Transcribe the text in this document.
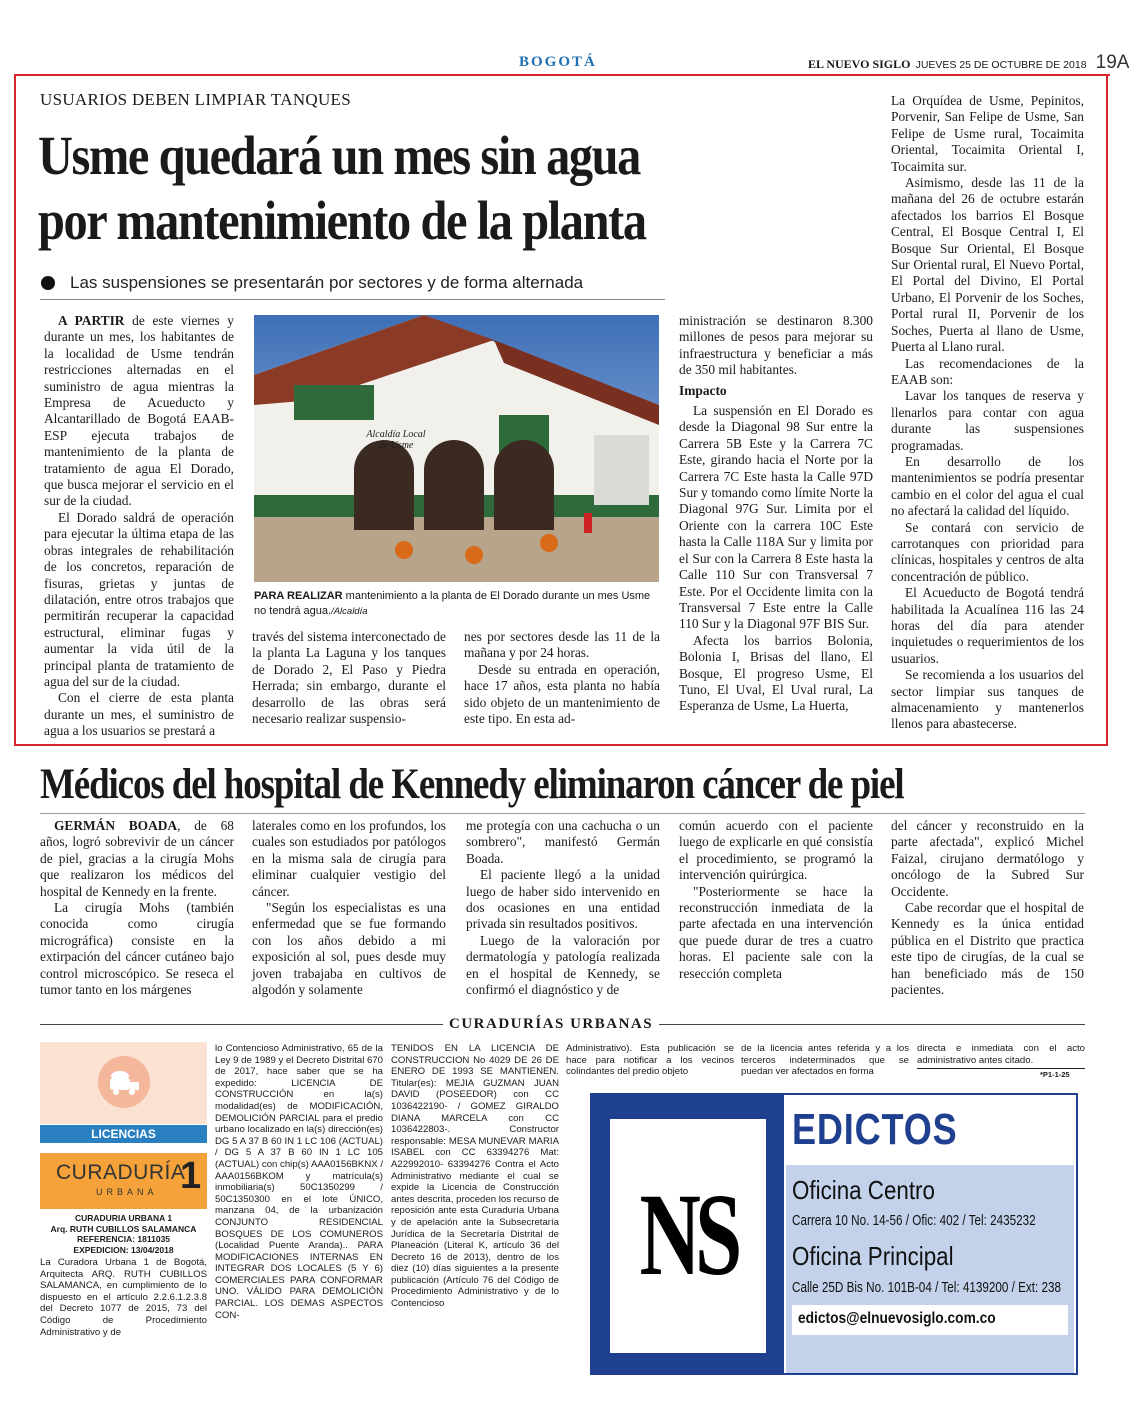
BOGOTÁ	EL NUEVO SIGLO JUEVES 25 DE OCTUBRE DE 2018 19A
USUARIOS DEBEN LIMPIAR TANQUES
Usme quedará un mes sin agua
por mantenimiento de la planta
Las suspensiones se presentarán por sectores y de forma alternada

A PARTIR de este viernes y durante un mes, los habitantes de la localidad de Usme tendrán restricciones alternadas en el suministro de agua mientras la Empresa de Acueducto y Alcantarillado de Bogotá EAAB-ESP ejecuta trabajos de mantenimiento de la planta de tratamiento de agua El Dorado, que busca mejorar el servicio en el sur de la ciudad.

El Dorado saldrá de operación para ejecutar la última etapa de las obras integrales de rehabilitación de los concretos, reparación de fisuras, grietas y juntas de dilatación, entre otros trabajos que permitirán recuperar la capacidad estructural, eliminar fugas y aumentar la vida útil de la principal planta de tratamiento de agua del sur de la ciudad.

Con el cierre de esta planta durante un mes, el suministro de agua a los usuarios se prestará a

Alcaldía Local de Usme
PARA REALIZAR mantenimiento a la planta de El Dorado durante un mes Usme no tendrá agua./Alcaldía

través del sistema interconectado de la planta La Laguna y los tanques de Dorado 2, El Paso y Piedra Herrada; sin embargo, durante el desarrollo de las obras será necesario realizar suspensio-

nes por sectores desde las 11 de la mañana y por 24 horas.

Desde su entrada en operación, hace 17 años, esta planta no había sido objeto de un mantenimiento de este tipo. En esta ad-

ministración se destinaron 8.300 millones de pesos para mejorar su infraestructura y beneficiar a más de 350 mil habitantes.

Impacto

La suspensión en El Dorado es desde la Diagonal 98 Sur entre la Carrera 5B Este y la Carrera 7C Este, girando hacia el Norte por la Carrera 7C Este hasta la Calle 97D Sur y tomando como límite Norte la Diagonal 97G Sur. Limita por el Oriente con la carrera 10C Este hasta la Calle 118A Sur y limita por el Sur con la Carrera 8 Este hasta la Calle 110 Sur con Transversal 7 Este. Por el Occidente limita con la Transversal 7 Este entre la Calle 110 Sur y la Diagonal 97F BIS Sur.

Afecta los barrios Bolonia, Bolonia I, Brisas del llano, El Bosque, El progreso Usme, El Tuno, El Uval, El Uval rural, La Esperanza de Usme, La Huerta,

La Orquídea de Usme, Pepinitos, Porvenir, San Felipe de Usme, San Felipe de Usme rural, Tocaimita Oriental, Tocaimita Oriental I, Tocaimita sur.

Asimismo, desde las 11 de la mañana del 26 de octubre estarán afectados los barrios El Bosque Central, El Bosque Central I, El Bosque Sur Oriental, El Bosque Sur Oriental rural, El Nuevo Portal, El Portal del Divino, El Portal Urbano, El Porvenir de los Soches, Portal rural II, Porvenir de los Soches, Puerta al llano de Usme, Puerta al Llano rural.

Las recomendaciones de la EAAB son:

Lavar los tanques de reserva y llenarlos para contar con agua durante las suspensiones programadas.

En desarrollo de los mantenimientos se podría presentar cambio en el color del agua el cual no afectará la calidad del líquido.

Se contará con servicio de carrotanques con prioridad para clínicas, hospitales y centros de alta concentración de público.

El Acueducto de Bogotá tendrá habilitada la Acualínea 116 las 24 horas del día para atender inquietudes o requerimientos de los usuarios.

Se recomienda a los usuarios del sector limpiar sus tanques de almacenamiento y mantenerlos llenos para abastecerse.

Médicos del hospital de Kennedy eliminaron cáncer de piel

GERMÁN BOADA, de 68 años, logró sobrevivir de un cáncer de piel, gracias a la cirugía Mohs que realizaron los médicos del hospital de Kennedy en la frente.

La cirugía Mohs (también conocida como cirugía micrográfica) consiste en la extirpación del cáncer cutáneo bajo control microscópico. Se reseca el tumor tanto en los márgenes

laterales como en los profundos, los cuales son estudiados por patólogos en la misma sala de cirugía para eliminar cualquier vestigio del cáncer.

"Según los especialistas es una enfermedad que se fue formando con los años debido a mi exposición al sol, pues desde muy joven trabajaba en cultivos de algodón y solamente

me protegía con una cachucha o un sombrero", manifestó Germán Boada.

El paciente llegó a la unidad luego de haber sido intervenido en dos ocasiones en una entidad privada sin resultados positivos.

Luego de la valoración por dermatología y patología realizada en el hospital de Kennedy, se confirmó el diagnóstico y de

común acuerdo con el paciente luego de explicarle en qué consistía el procedimiento, se programó la intervención quirúrgica.

"Posteriormente se hace la reconstrucción inmediata de la parte afectada en una intervención que puede durar de tres a cuatro horas. El paciente sale con la resección completa

del cáncer y reconstruido en la parte afectada", explicó Michel Faizal, cirujano dermatólogo y oncólogo de la Subred Sur Occidente.

Cabe recordar que el hospital de Kennedy es la única entidad pública en el Distrito que practica este tipo de cirugías, de la cual se han beneficiado más de 150 pacientes.

CURADURÍAS URBANAS
LICENCIAS
CURADURÍA
1
URBANA
CURADURIA URBANA 1
Arq. RUTH CUBILLOS SALAMANCA
REFERENCIA: 1811035
EXPEDICION: 13/04/2018

La Curadora Urbana 1 de Bogotá, Arquitecta ARQ. RUTH CUBILLOS SALAMANCA, en cumplimiento de lo dispuesto en el artículo 2.2.6.1.2.3.8 del Decreto 1077 de 2015, 73 del Código de Procedimiento Administrativo y de

lo Contencioso Administrativo, 65 de la Ley 9 de 1989 y el Decreto Distrital 670 de 2017, hace saber que se ha expedido: LICENCIA DE CONSTRUCCIÓN en la(s) modalidad(es) de MODIFICACIÓN, DEMOLICIÓN PARCIAL para el predio urbano localizado en la(s) dirección(es) DG 5 A 37 B 60 IN 1 LC 106 (ACTUAL) / DG 5 A 37 B 60 IN 1 LC 105 (ACTUAL) con chip(s) AAA0156BKNX / AAA0156BKOM y matrícula(s) inmobiliaria(s) 50C1350299 / 50C1350300 en el lote ÚNICO, manzana 04, de la urbanización CONJUNTO RESIDENCIAL BOSQUES DE LOS COMUNEROS (Localidad Puente Aranda).. PARA MODIFICACIONES INTERNAS EN INTEGRAR DOS LOCALES (5 Y 6) COMERCIALES PARA CONFORMAR UNO. VÁLIDO PARA DEMOLICIÓN PARCIAL. LOS DEMAS ASPECTOS CON-

TENIDOS EN LA LICENCIA DE CONSTRUCCION No 4029 DE 26 DE ENERO DE 1993 SE MANTIENEN. Titular(es): MEJIA GUZMAN JUAN DAVID (POSEEDOR) con CC 1036422190- / GOMEZ GIRALDO DIANA MARCELA con CC 1036422803-. Constructor responsable: MESA MUNEVAR MARIA ISABEL con CC 63394276 Mat: A22992010- 63394276 Contra el Acto Administrativo mediante el cual se expide la Licencia de Construcción antes descrita, proceden los recurso de reposición ante esta Curaduría Urbana y de apelación ante la Subsecretaría Jurídica de la Secretaría Distrital de Planeación (Literal K, artículo 36 del Decreto 16 de 2013), dentro de los diez (10) días siguientes a la presente publicación (Artículo 76 del Código de Procedimiento Administrativo y de lo Contencioso

Administrativo). Esta publicación se hace para notificar a los vecinos colindantes del predio objeto

de la licencia antes referida y a los terceros indeterminados que se puedan ver afectados en forma

directa e inmediata con el acto administrativo antes citado.

*P1-1-25
NS
EDICTOS
Oficina Centro
Carrera 10 No. 14-56 / Ofic: 402 / Tel: 2435232
Oficina Principal
Calle 25D Bis No. 101B-04 / Tel: 4139200 / Ext: 238
edictos@elnuevosiglo.com.co
